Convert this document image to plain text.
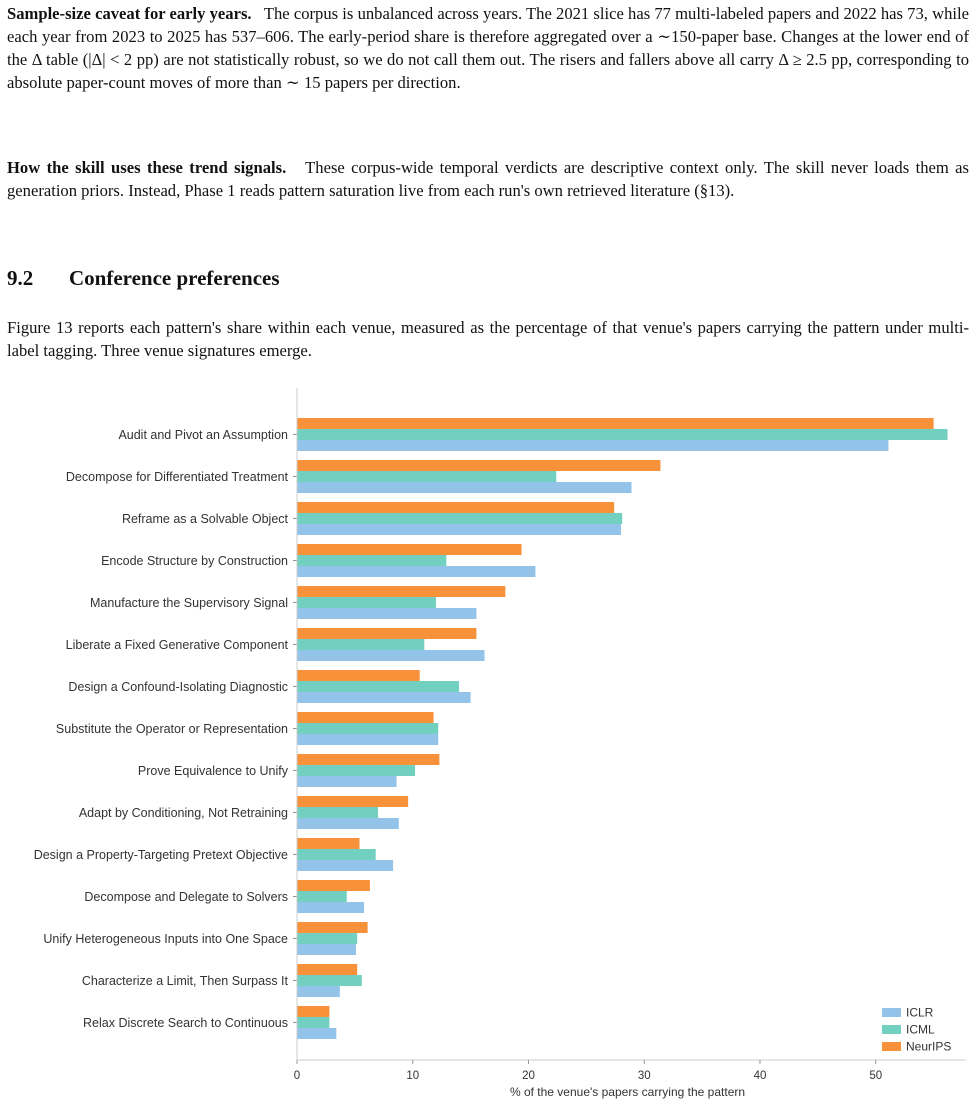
Sample-size caveat for early years. The corpus is unbalanced across years. The 2021 slice has 77 multi-labeled papers and 2022 has 73, while each year from 2023 to 2025 has 537–606. The early-period share is therefore aggregated over a ∼150-paper base. Changes at the lower end of the Δ table (|Δ| < 2 pp) are not statistically robust, so we do not call them out. The risers and fallers above all carry Δ ≥ 2.5 pp, corresponding to absolute paper-count moves of more than ∼ 15 papers per direction.

How the skill uses these trend signals. These corpus-wide temporal verdicts are descriptive context only. The skill never loads them as generation priors. Instead, Phase 1 reads pattern saturation live from each run's own retrieved literature (§13).

9.2 Conference preferences

Figure 13 reports each pattern's share within each venue, measured as the percentage of that venue's papers carrying the pattern under multi-label tagging. Three venue signatures emerge.

Audit and Pivot an Assumption
Decompose for Differentiated Treatment
Reframe as a Solvable Object
Encode Structure by Construction
Manufacture the Supervisory Signal
Liberate a Fixed Generative Component
Design a Confound-Isolating Diagnostic
Substitute the Operator or Representation
Prove Equivalence to Unify
Adapt by Conditioning, Not Retraining
Design a Property-Targeting Pretext Objective
Decompose and Delegate to Solvers
Unify Heterogeneous Inputs into One Space
Characterize a Limit, Then Surpass It
Relax Discrete Search to Continuous
0	10	20	30	40	50
% of the venue's papers carrying the pattern
ICLR
ICML
NeurIPS
